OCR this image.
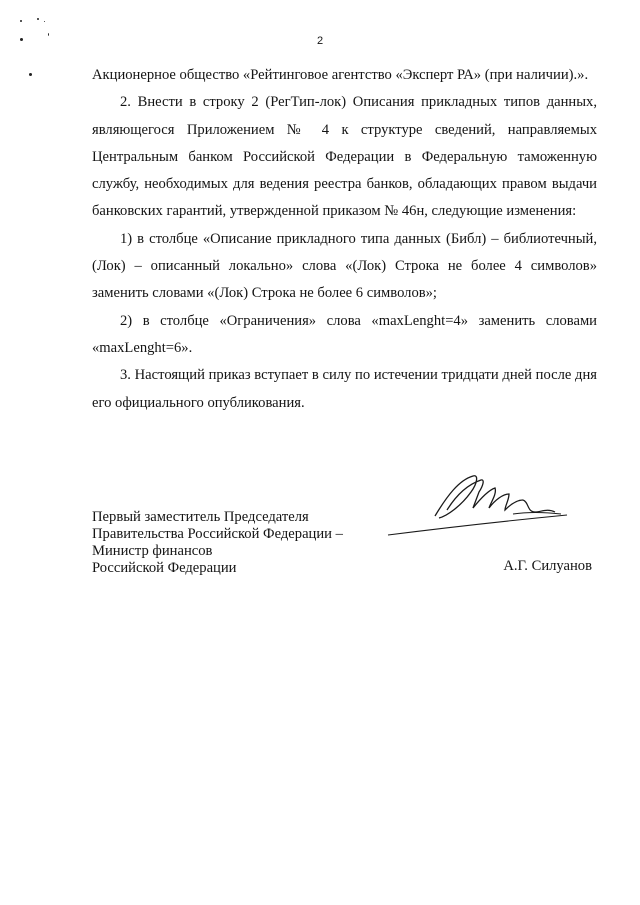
2

Акционерное общество «Рейтинговое агентство «Эксперт РА» (при наличии).».

2. Внести в строку 2 (РегТип-лок) Описания прикладных типов данных, являющегося Приложением № 4 к структуре сведений, направляемых Центральным банком Российской Федерации в Федеральную таможенную службу, необходимых для ведения реестра банков, обладающих правом выдачи банковских гарантий, утвержденной приказом № 46н, следующие изменения:

1) в столбце «Описание прикладного типа данных (Библ) – библиотечный, (Лок) – описанный локально» слова «(Лок) Строка не более 4 символов» заменить словами «(Лок) Строка не более 6 символов»;

2) в столбце «Ограничения» слова «maxLenght=4» заменить словами «maxLenght=6».

3. Настоящий приказ вступает в силу по истечении тридцати дней после дня его официального опубликования.

Первый заместитель Председателя
Правительства Российской Федерации –
Министр финансов
Российской Федерации	А.Г. Силуанов
